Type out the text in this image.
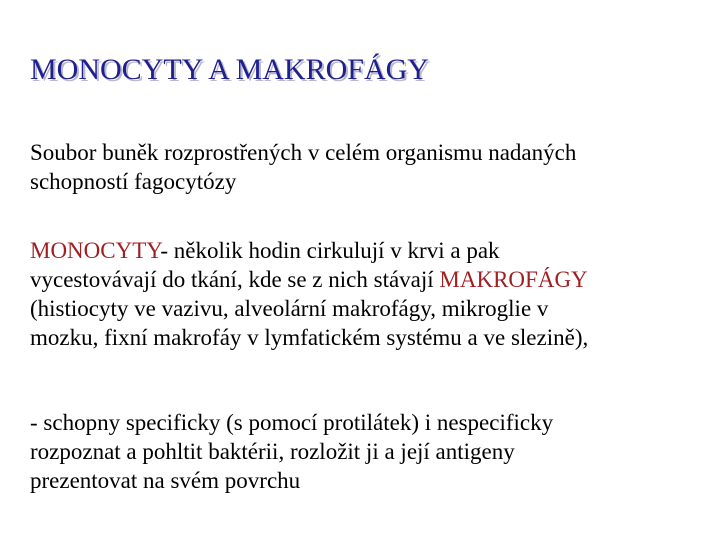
MONOCYTY A MAKROFÁGY

Soubor buněk rozprostřených v celém organismu nadaných
schopností fagocytózy

MONOCYTY- několik hodin cirkulují v krvi a pak
vycestovávají do tkání, kde se z nich stávají MAKROFÁGY
(histiocyty ve vazivu, alveolární makrofágy, mikroglie v
mozku, fixní makrofáy v lymfatickém systému a ve slezině),

- schopny specificky (s pomocí protilátek) i nespecificky
rozpoznat a pohltit baktérii, rozložit ji a její antigeny
prezentovat na svém povrchu
